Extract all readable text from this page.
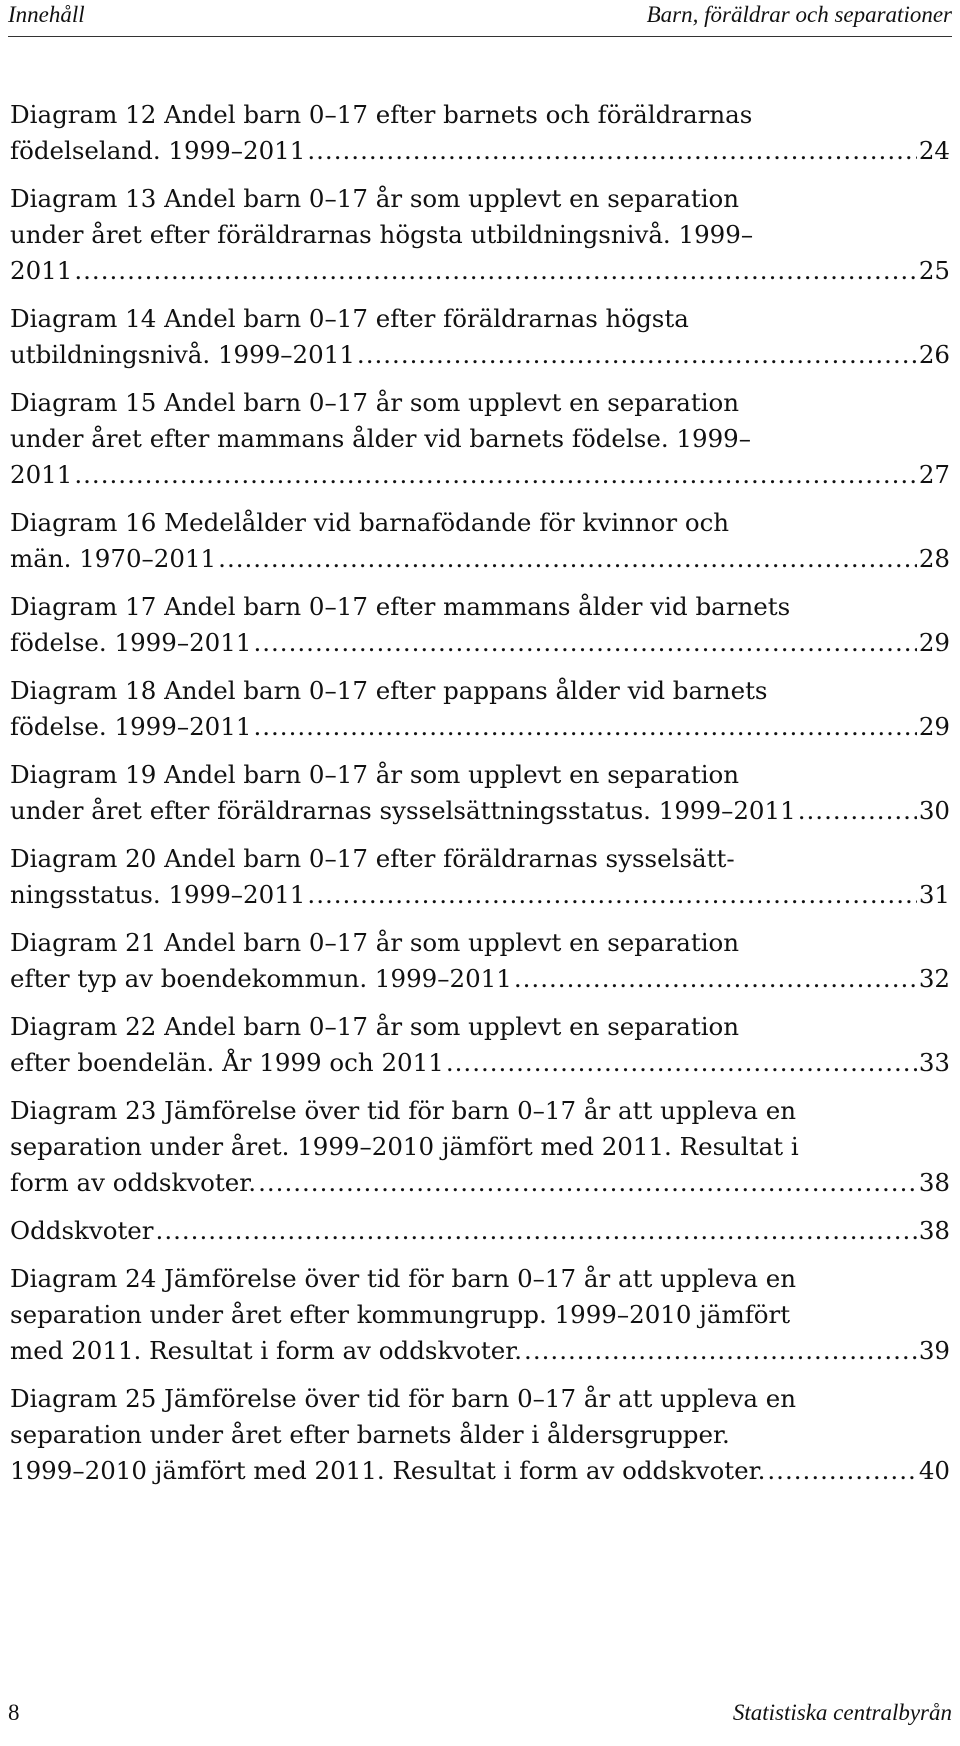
Innehåll	Barn, föräldrar och separationer
Diagram 12 Andel barn 0–17 efter barnets och föräldrarnas
födelseland. 1999–2011 .....	24
Diagram 13 Andel barn 0–17 år som upplevt en separation
under året efter föräldrarnas högsta utbildningsnivå. 1999–
2011 .....	25
Diagram 14 Andel barn 0–17 efter föräldrarnas högsta
utbildningsnivå. 1999–2011 .....	26
Diagram 15 Andel barn 0–17 år som upplevt en separation
under året efter mammans ålder vid barnets födelse. 1999–
2011 .....	27
Diagram 16 Medelålder vid barnafödande för kvinnor och
män. 1970–2011 .....	28
Diagram 17 Andel barn 0–17 efter mammans ålder vid barnets
födelse. 1999–2011 .....	29
Diagram 18 Andel barn 0–17 efter pappans ålder vid barnets
födelse. 1999–2011 .....	29
Diagram 19 Andel barn 0–17 år som upplevt en separation
under året efter föräldrarnas sysselsättningsstatus. 1999–2011 .....	30
Diagram 20 Andel barn 0–17 efter föräldrarnas sysselsätt-
ningsstatus. 1999–2011 .....	31
Diagram 21 Andel barn 0–17 år som upplevt en separation
efter typ av boendekommun. 1999–2011 .....	32
Diagram 22 Andel barn 0–17 år som upplevt en separation
efter boendelän. År 1999 och 2011 .....	33
Diagram 23 Jämförelse över tid för barn 0–17 år att uppleva en
separation under året. 1999–2010 jämfört med 2011. Resultat i
form av oddskvoter. .....	38
Oddskvoter .....	38
Diagram 24 Jämförelse över tid för barn 0–17 år att uppleva en
separation under året efter kommungrupp. 1999–2010 jämfört
med 2011. Resultat i form av oddskvoter. .....	39
Diagram 25 Jämförelse över tid för barn 0–17 år att uppleva en
separation under året efter barnets ålder i åldersgrupper.
1999–2010 jämfört med 2011. Resultat i form av oddskvoter. .....	40
8	Statistiska centralbyrån
